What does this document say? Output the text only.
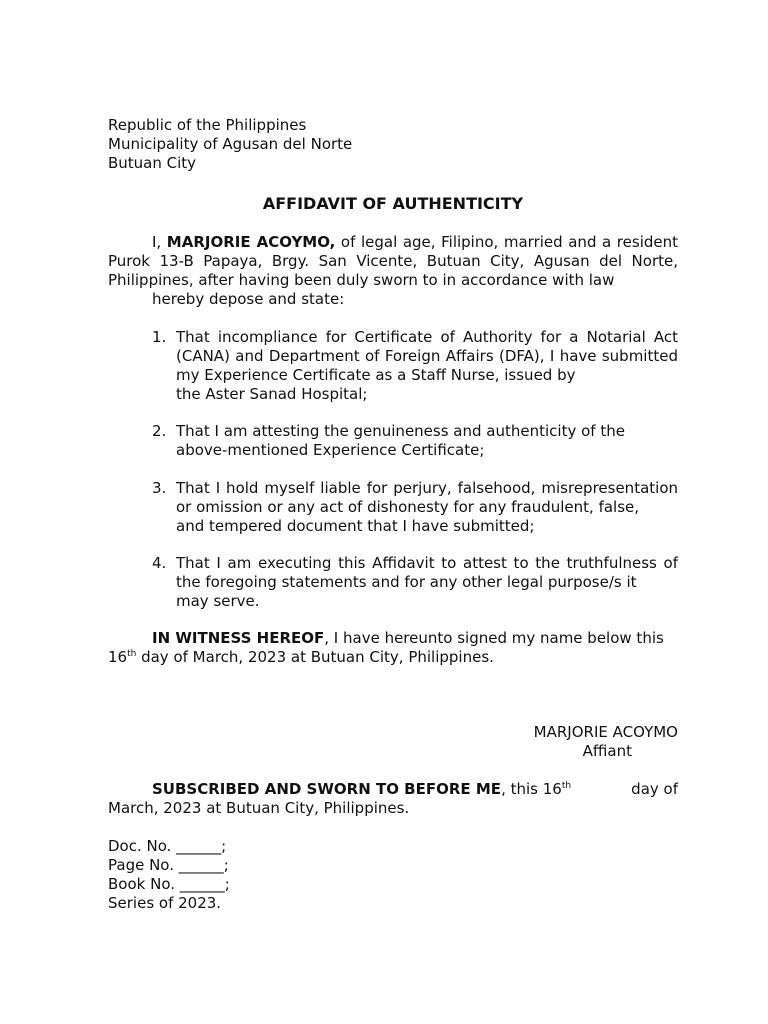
Republic of the Philippines
Municipality of Agusan del Norte
Butuan City
AFFIDAVIT OF AUTHENTICITY
I, MARJORIE ACOYMO, of legal age, Filipino, married and a resident Purok 13-B Papaya, Brgy. San Vicente, Butuan City, Agusan del Norte, Philippines, after having been duly sworn to in accordance with law
hereby depose and state:
1. That incompliance for Certificate of Authority for a Notarial Act (CANA) and Department of Foreign Affairs (DFA), I have submitted my Experience Certificate as a Staff Nurse, issued by
the Aster Sanad Hospital;
2. That I am attesting the genuineness and authenticity of the
above-mentioned Experience Certificate;
3. That I hold myself liable for perjury, falsehood, misrepresentation or omission or any act of dishonesty for any fraudulent, false,
and tempered document that I have submitted;
4. That I am executing this Affidavit to attest to the truthfulness of the foregoing statements and for any other legal purpose/s it
may serve.
IN WITNESS HEREOF, I have hereunto signed my name below this
16th day of March, 2023 at Butuan City, Philippines.
MARJORIE ACOYMO
Affiant
SUBSCRIBED AND SWORN TO BEFORE ME, this 16th	day of
March, 2023 at Butuan City, Philippines.
Doc. No. ______;
Page No. ______;
Book No. ______;
Series of 2023.
